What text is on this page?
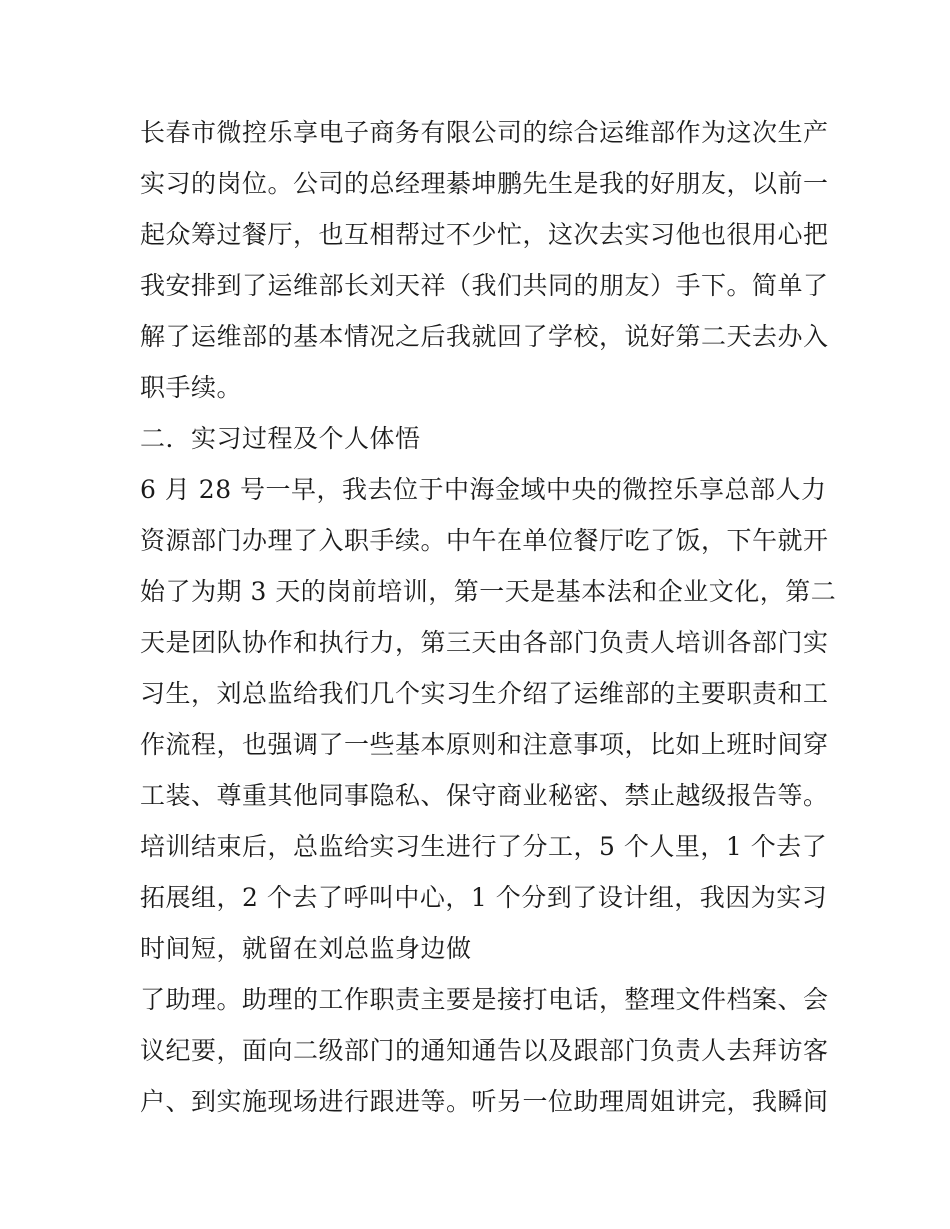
长春市微控乐享电子商务有限公司的综合运维部作为这次生产
实习的岗位。公司的总经理綦坤鹏先生是我的好朋友，以前一
起众筹过餐厅，也互相帮过不少忙，这次去实习他也很用心把
我安排到了运维部长刘天祥（我们共同的朋友）手下。简单了
解了运维部的基本情况之后我就回了学校，说好第二天去办入
职手续。
二．实习过程及个人体悟
6 月 28 号一早，我去位于中海金域中央的微控乐享总部人力
资源部门办理了入职手续。中午在单位餐厅吃了饭，下午就开
始了为期 3 天的岗前培训，第一天是基本法和企业文化，第二
天是团队协作和执行力，第三天由各部门负责人培训各部门实
习生，刘总监给我们几个实习生介绍了运维部的主要职责和工
作流程，也强调了一些基本原则和注意事项，比如上班时间穿
工装、尊重其他同事隐私、保守商业秘密、禁止越级报告等。
培训结束后，总监给实习生进行了分工，5 个人里，1 个去了
拓展组，2 个去了呼叫中心，1 个分到了设计组，我因为实习
时间短，就留在刘总监身边做
了助理。助理的工作职责主要是接打电话，整理文件档案、会
议纪要，面向二级部门的通知通告以及跟部门负责人去拜访客
户、到实施现场进行跟进等。听另一位助理周姐讲完，我瞬间
